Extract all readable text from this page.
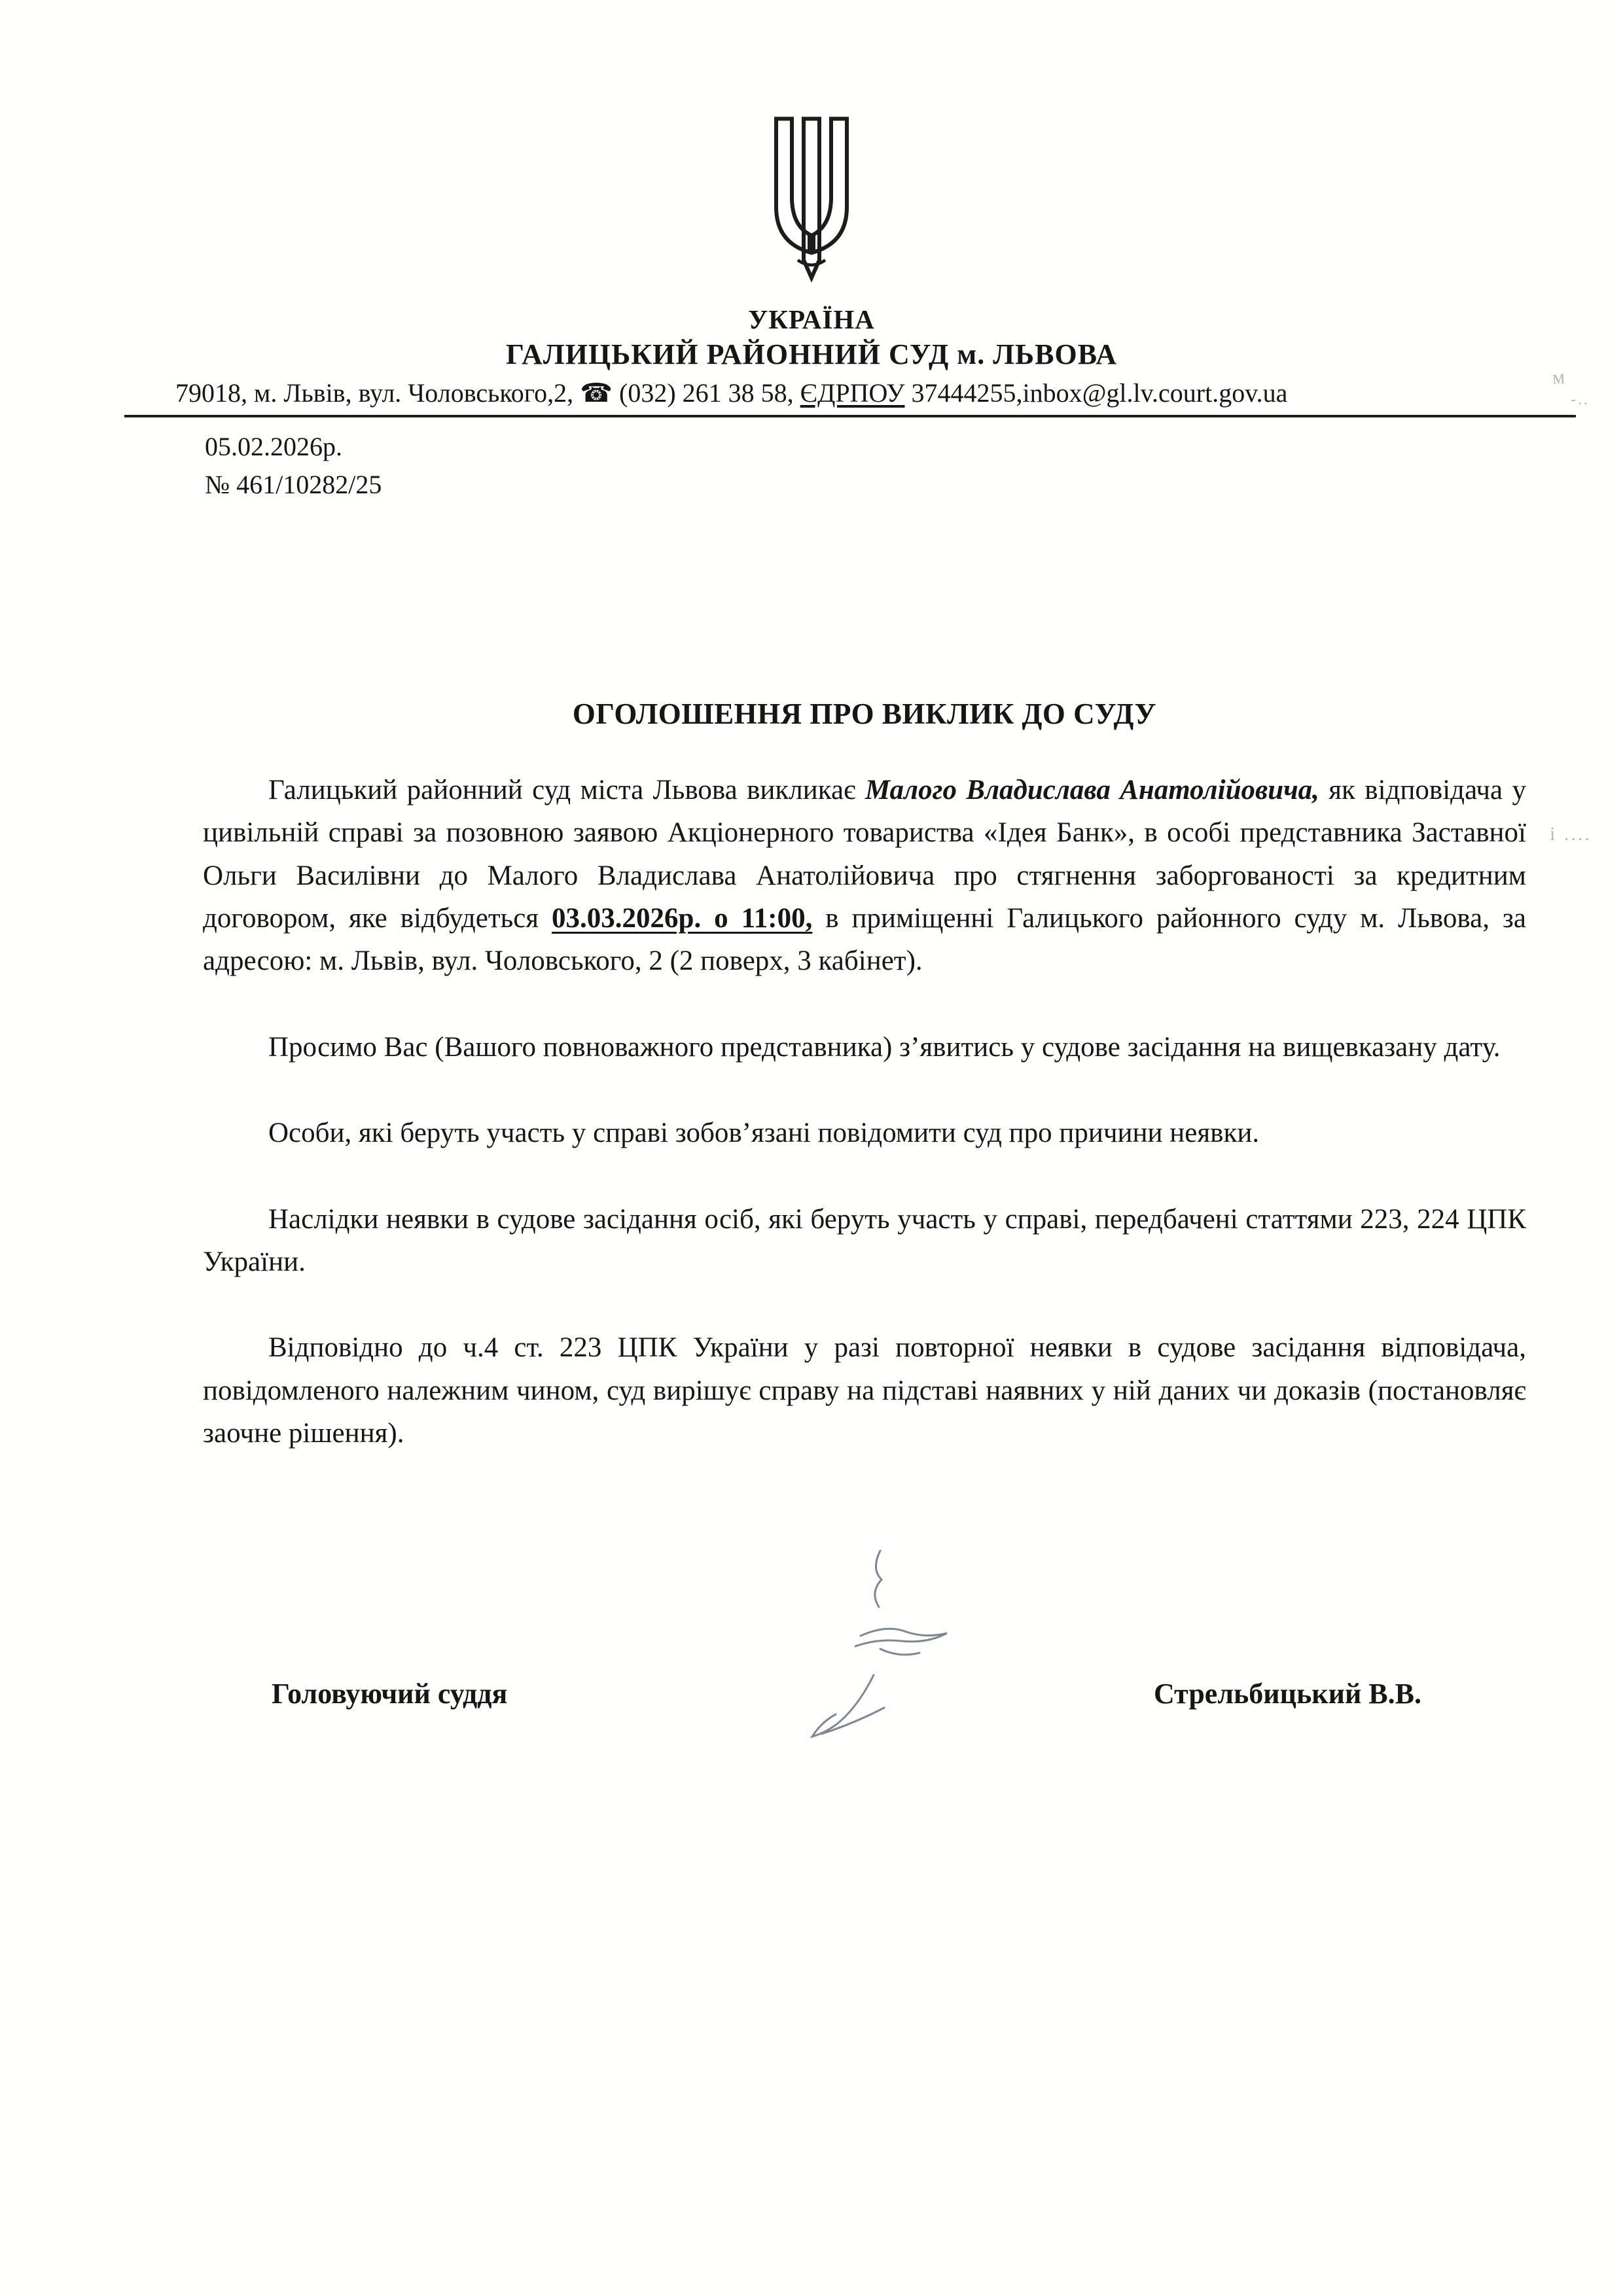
УКРАЇНА
ГАЛИЦЬКИЙ РАЙОННИЙ СУД м. ЛЬВОВА
79018, м. Львів, вул. Чоловського,2, ☎ (032) 261 38 58, ЄДРПОУ 37444255,inbox@gl.lv.court.gov.ua
05.02.2026р.
№ 461/10282/25
ОГОЛОШЕННЯ ПРО ВИКЛИК ДО СУДУ

Галицький районний суд міста Львова викликає Малого Владислава Анатолійовича, як відповідача у цивільній справі за позовною заявою Акціонерного товариства «Ідея Банк», в особі представника Заставної Ольги Василівни до Малого Владислава Анатолійовича про стягнення заборгованості за кредитним договором, яке відбудеться 03.03.2026р. о 11:00, в приміщенні Галицького районного суду м. Львова, за адресою: м. Львів, вул. Чоловського, 2 (2 поверх, 3 кабінет).

Просимо Вас (Вашого повноважного представника) з’явитись у судове засідання на вищевказану дату.

Особи, які беруть участь у справі зобов’язані повідомити суд про причини неявки.

Наслідки неявки в судове засідання осіб, які беруть участь у справі, передбачені статтями 223, 224 ЦПК України.

Відповідно до ч.4 ст. 223 ЦПК України у разі повторної неявки в судове засідання відповідача, повідомленого належним чином, суд вирішує справу на підставі наявних у ній даних чи доказів (постановляє заочне рішення).

Головуючий суддя	Стрельбицький В.В.
м
і ....
-..
